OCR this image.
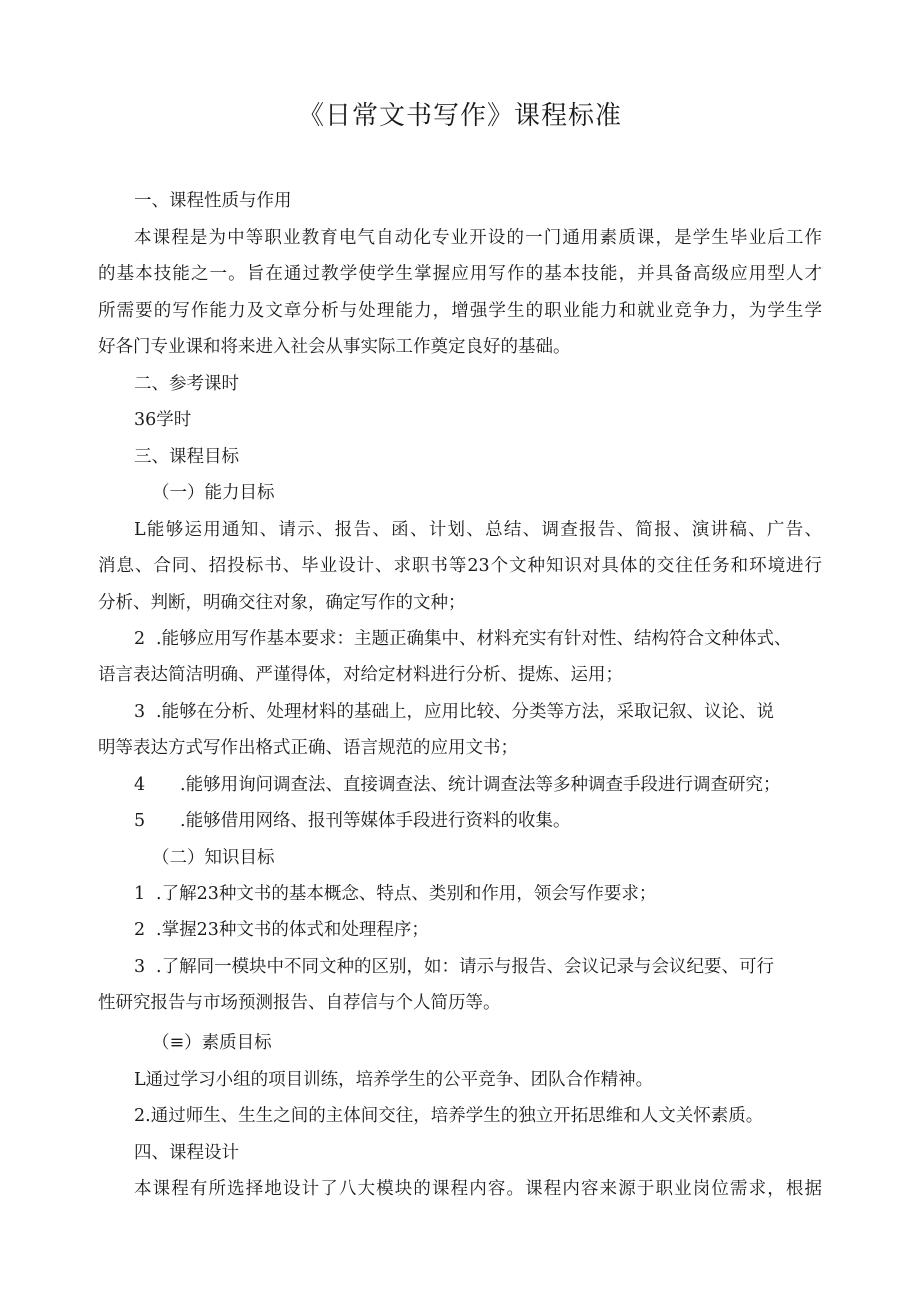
《日常文书写作》课程标准
一、课程性质与作用
本课程是为中等职业教育电气自动化专业开设的一门通用素质课，是学生毕业后工作
的基本技能之一。旨在通过教学使学生掌握应用写作的基本技能，并具备高级应用型人才
所需要的写作能力及文章分析与处理能力，增强学生的职业能力和就业竞争力，为学生学
好各门专业课和将来进入社会从事实际工作奠定良好的基础。
二、参考课时
36学时
三、课程目标
（一）能力目标
L能够运用通知、请示、报告、函、计划、总结、调查报告、简报、演讲稿、广告、
消息、合同、招投标书、毕业设计、求职书等23个文种知识对具体的交往任务和环境进行
分析、判断，明确交往对象，确定写作的文种；
2 .能够应用写作基本要求：主题正确集中、材料充实有针对性、结构符合文种体式、
语言表达简洁明确、严谨得体，对给定材料进行分析、提炼、运用；
3 .能够在分析、处理材料的基础上，应用比较、分类等方法，采取记叙、议论、说
明等表达方式写作出格式正确、语言规范的应用文书；
4 .能够用询问调查法、直接调查法、统计调查法等多种调查手段进行调查研究；
5 .能够借用网络、报刊等媒体手段进行资料的收集。
（二）知识目标
1 .了解23种文书的基本概念、特点、类别和作用，领会写作要求；
2 .掌握23种文书的体式和处理程序；
3 .了解同一模块中不同文种的区别，如：请示与报告、会议记录与会议纪要、可行
性研究报告与市场预测报告、自荐信与个人简历等。
（≡）素质目标
L通过学习小组的项目训练，培养学生的公平竞争、团队合作精神。
2.通过师生、生生之间的主体间交往，培养学生的独立开拓思维和人文关怀素质。
四、课程设计
本课程有所选择地设计了八大模块的课程内容。课程内容来源于职业岗位需求，根据
